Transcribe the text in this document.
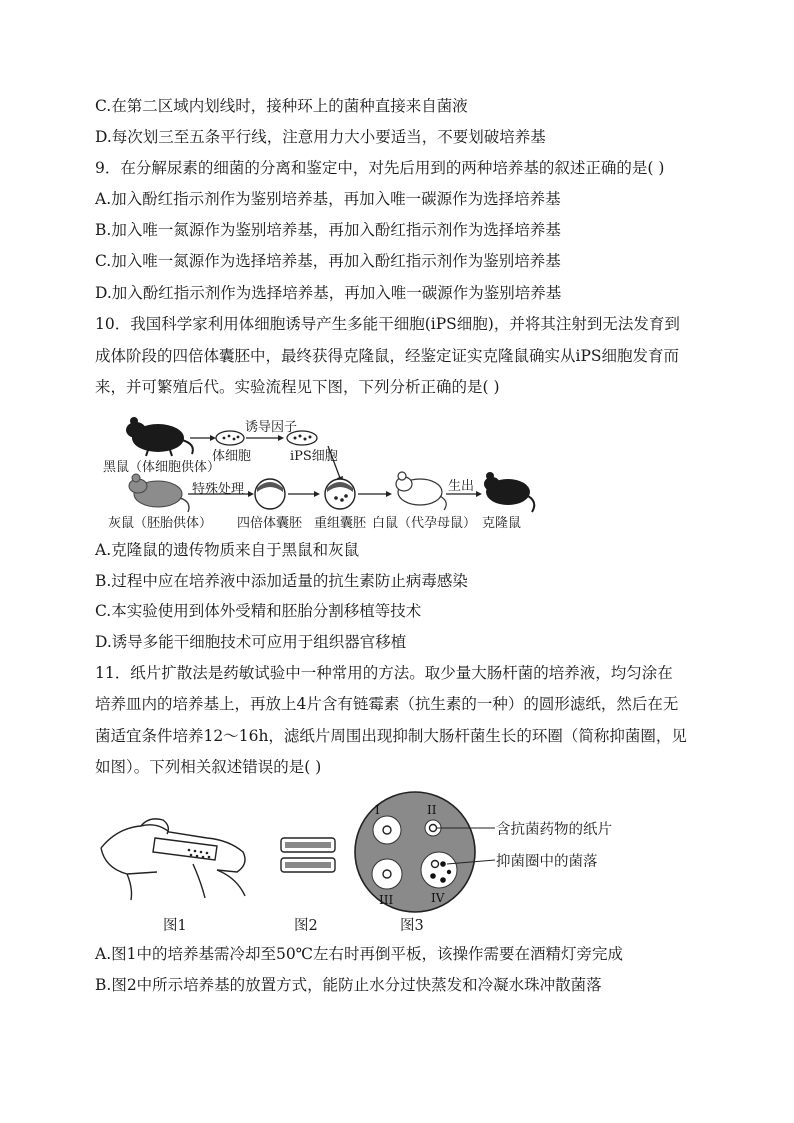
C.在第二区域内划线时，接种环上的菌种直接来自菌液
D.每次划三至五条平行线，注意用力大小要适当，不要划破培养基
9．在分解尿素的细菌的分离和鉴定中，对先后用到的两种培养基的叙述正确的是( )
A.加入酚红指示剂作为鉴别培养基，再加入唯一碳源作为选择培养基
B.加入唯一氮源作为鉴别培养基，再加入酚红指示剂作为选择培养基
C.加入唯一氮源作为选择培养基，再加入酚红指示剂作为鉴别培养基
D.加入酚红指示剂作为选择培养基，再加入唯一碳源作为鉴别培养基
10．我国科学家利用体细胞诱导产生多能干细胞(iPS细胞)，并将其注射到无法发育到
成体阶段的四倍体囊胚中，最终获得克隆鼠，经鉴定证实克隆鼠确实从iPS细胞发育而
来，并可繁殖后代。实验流程见下图，下列分析正确的是( )
黑鼠（体细胞供体）
体细胞
诱导因子
iPS细胞
灰鼠（胚胎供体）
特殊处理
四倍体囊胚 重组囊胚 白鼠（代孕母鼠）
生出
克隆鼠
A.克隆鼠的遗传物质来自于黑鼠和灰鼠
B.过程中应在培养液中添加适量的抗生素防止病毒感染
C.本实验使用到体外受精和胚胎分割移植等技术
D.诱导多能干细胞技术可应用于组织器官移植
11．纸片扩散法是药敏试验中一种常用的方法。取少量大肠杆菌的培养液，均匀涂在
培养皿内的培养基上，再放上4片含有链霉素（抗生素的一种）的圆形滤纸，然后在无
菌适宜条件培养12～16h，滤纸片周围出现抑制大肠杆菌生长的环圈（简称抑菌圈，见
如图）。下列相关叙述错误的是( )
I	II
III	IV
含抗菌药物的纸片
抑菌圈中的菌落
图1	图2	图3
A.图1中的培养基需冷却至50℃左右时再倒平板，该操作需要在酒精灯旁完成
B.图2中所示培养基的放置方式，能防止水分过快蒸发和冷凝水珠冲散菌落
